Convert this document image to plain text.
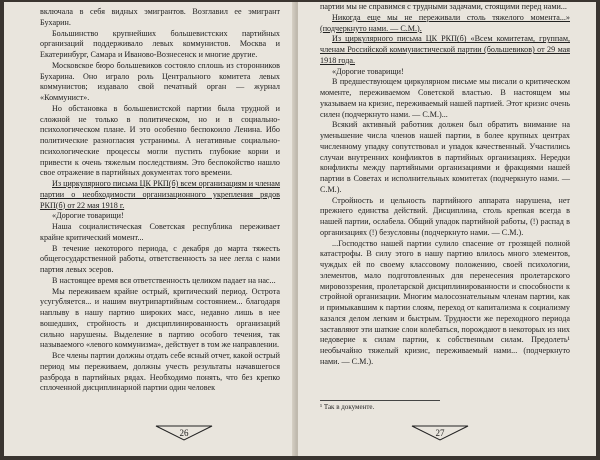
включала в себя видных эмигрантов. Возглавил ее эмигрант Бухарин.

Большинство крупнейших большевистских партийных организаций поддерживало левых коммунистов. Москва и Екатеринбург, Самара и Иваново-Вознесенск и многие другие.

Московское бюро большевиков состояло сплошь из сторонников Бухарина. Оно играло роль Центрального комитета левых коммунистов; издавало свой печатный орган — журнал «Коммунист».

Но обстановка в большевистской партии была трудной и сложной не только в политическом, но и в социально-психологическом плане. И это особенно беспокоило Ленина. Ибо политические разногласия устранимы. А негативные социально-психологические процессы могли пустить глубокие корни и привести к очень тяжелым последствиям. Это беспокойство нашло свое отражение в партийных документах того времени.

Из циркулярного письма ЦК РКП(б) всем организациям и членам партии о необходимости организационного укрепления рядов РКП(б) от 22 мая 1918 г.

«Дорогие товарищи!

Наша социалистическая Советская республика переживает крайне критический момент...

В течение некоторого периода, с декабря до марта тяжесть общегосударственной работы, ответственность за нее легла с нами партия левых эсеров.

В настоящее время вся ответственность целиком падает на нас...

Мы переживаем крайне острый, критический период. Острота усугубляется... и нашим внутрипартийным состоянием... благодаря наплыву в нашу партию широких масс, недавно лишь в нее вошедших, стройность и дисциплинированность организаций сильно нарушены. Выделение в партию особого течения, так называемого «левого коммунизма», действует в том же направлении.

Все члены партии должны отдать себе ясный отчет, какой острый период мы переживаем, должны учесть результаты начавшегося разброда в партийных рядах. Необходимо понять, что без крепко сплоченной дисциплинарной партии один человек

26

партии мы не справимся с трудными задачами, стоящими перед нами...

Никогда еще мы не переживали столь тяжелого момента...» (подчеркнуто нами. — С.М.).

Из циркулярного письма ЦК РКП(б) «Всем комитетам, группам, членам Российской коммунистической партии (большевиков) от 29 мая 1918 года.

«Дорогие товарищи!

В предшествующем циркулярном письме мы писали о критическом моменте, переживаемом Советской властью. В настоящем мы указываем на кризис, переживаемый нашей партией. Этот кризис очень силен (подчеркнуто нами. — С.М.)...

Всякий активный работник должен был обратить внимание на уменьшение числа членов нашей партии, в более крупных центрах численному упадку сопутствовал и упадок качественный. Участились случаи внутренних конфликтов в партийных организациях. Нередки конфликты между партийными организациями и фракциями нашей партии в Советах и исполнительных комитетах (подчеркнуто нами. — С.М.).

Стройность и цельность партийного аппарата нарушена, нет прежнего единства действий. Дисциплина, столь крепкая всегда в нашей партии, ослабела. Общий упадок партийной работы, (!) распад в организациях (!) безусловны (подчеркнуто нами. — С.М.).

...Господство нашей партии сулило спасение от грозящей полной катастрофы. В силу этого в нашу партию влилось много элементов, чуждых ей по своему классовому положению, своей психологии, элементов, мало подготовленных для перенесения пролетарского мировоззрения, пролетарской дисциплинированности и способности к стройной организации. Многим малосознательным членам партии, как и примыкавшим к партии слоям, переход от капитализма к социализму казался делом легким и быстрым. Трудности же переходного периода заставляют эти шаткие слои колебаться, порождают в некоторых из них недоверие к силам партии, к собственным силам. Предолеть¹ необычайно тяжелый кризис, переживаемый нами... (подчеркнуто нами. — С.М.).

¹ Так в документе.
27
